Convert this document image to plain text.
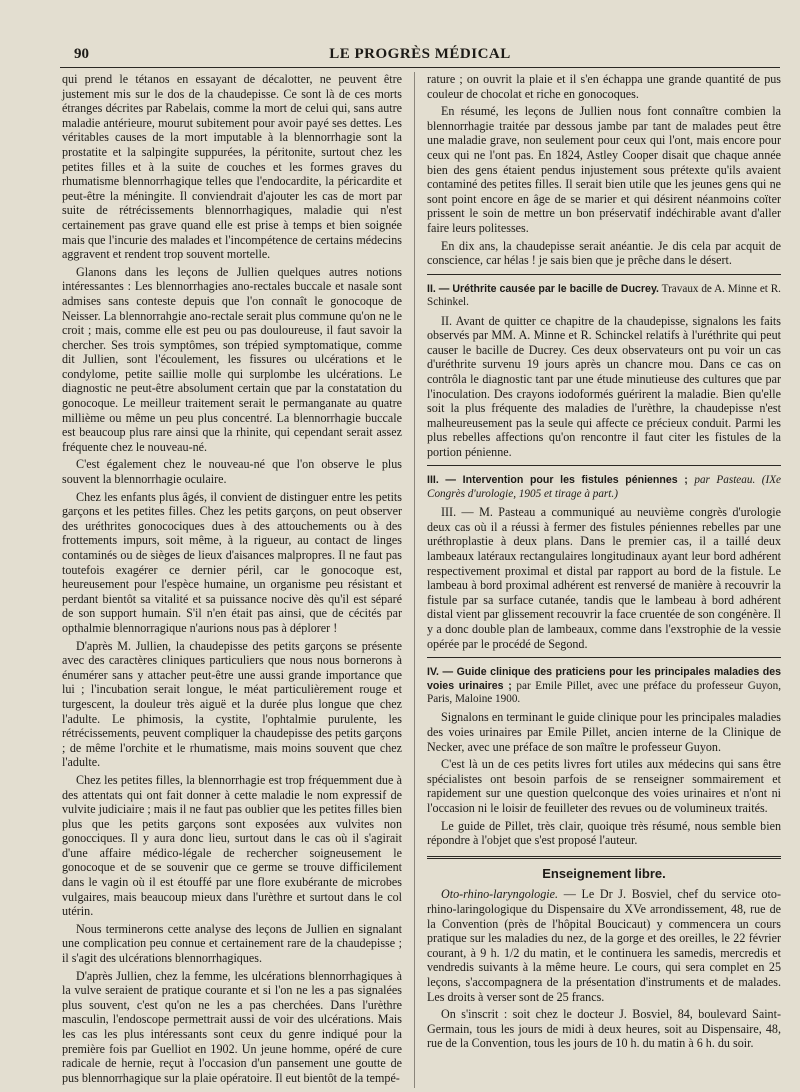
90	LE PROGRÈS MÉDICAL

qui prend le tétanos en essayant de décalotter, ne peuvent être justement mis sur le dos de la chaudepisse. Ce sont là de ces morts étranges décrites par Rabelais, comme la mort de celui qui, sans autre maladie antérieure, mourut subitement pour avoir payé ses dettes. Les véritables causes de la mort imputable à la blennorrhagie sont la prostatite et la salpingite suppurées, la péritonite, surtout chez les petites filles et à la suite de couches et les formes graves du rhumatisme blennorrhagique telles que l'endocardite, la péricardite et peut-être la méningite. Il conviendrait d'ajouter les cas de mort par suite de rétrécissements blennorrhagiques, maladie qui n'est certainement pas grave quand elle est prise à temps et bien soignée mais que l'incurie des malades et l'incompétence de certains médecins aggravent et rendent trop souvent mortelle.

Glanons dans les leçons de Jullien quelques autres notions intéressantes : Les blennorrhagies ano-rectales buccale et nasale sont admises sans conteste depuis que l'on connaît le gonocoque de Neisser. La blennorrahgie ano-rectale serait plus commune qu'on ne le croit ; mais, comme elle est peu ou pas douloureuse, il faut savoir la chercher. Ses trois symptômes, son trépied symptomatique, comme dit Jullien, sont l'écoulement, les fissures ou ulcérations et le condylome, petite saillie molle qui surplombe les ulcérations. Le diagnostic ne peut-être absolument certain que par la constatation du gonocoque. Le meilleur traitement serait le permanganate au quatre millième ou même un peu plus concentré. La blennorrhagie buccale est beaucoup plus rare ainsi que la rhinite, qui cependant serait assez fréquente chez le nouveau-né.

C'est également chez le nouveau-né que l'on observe le plus souvent la blennorrhagie oculaire.

Chez les enfants plus âgés, il convient de distinguer entre les petits garçons et les petites filles. Chez les petits garçons, on peut observer des uréthrites gonocociques dues à des attouchements ou à des frottements impurs, soit même, à la rigueur, au contact de linges contaminés ou de sièges de lieux d'aisances malpropres. Il ne faut pas toutefois exagérer ce dernier péril, car le gonocoque est, heureusement pour l'espèce humaine, un organisme peu résistant et perdant bientôt sa vitalité et sa puissance nocive dès qu'il est séparé de son support humain. S'il n'en était pas ainsi, que de cécités par opthalmie blennorragique n'aurions nous pas à déplorer !

D'après M. Jullien, la chaudepisse des petits garçons se présente avec des caractères cliniques particuliers que nous nous bornerons à énumérer sans y attacher peut-être une aussi grande importance que lui ; l'incubation serait longue, le méat particulièrement rouge et turgescent, la douleur très aiguë et la durée plus longue que chez l'adulte. Le phimosis, la cystite, l'ophtalmie purulente, les rétrécissements, peuvent compliquer la chaudepisse des petits garçons ; de même l'orchite et le rhumatisme, mais moins souvent que chez l'adulte.

Chez les petites filles, la blennorrhagie est trop fréquemment due à des attentats qui ont fait donner à cette maladie le nom expressif de vulvite judiciaire ; mais il ne faut pas oublier que les petites filles bien plus que les petits garçons sont exposées aux vulvites non gonocciques. Il y aura donc lieu, surtout dans le cas où il s'agirait d'une affaire médico-légale de rechercher soigneusement le gonocoque et de se souvenir que ce germe se trouve difficilement dans le vagin où il est étouffé par une flore exubérante de microbes vulgaires, mais beaucoup mieux dans l'urèthre et surtout dans le col utérin.

Nous terminerons cette analyse des leçons de Jullien en signalant une complication peu connue et certainement rare de la chaudepisse ; il s'agit des ulcérations blennorrhagiques.

D'après Jullien, chez la femme, les ulcérations blennorrhagiques à la vulve seraient de pratique courante et si l'on ne les a pas signalées plus souvent, c'est qu'on ne les a pas cherchées. Dans l'urèthre masculin, l'endoscope permettrait aussi de voir des ulcérations. Mais les cas les plus intéressants sont ceux du genre indiqué pour la première fois par Guelliot en 1902. Un jeune homme, opéré de cure radicale de hernie, reçut à l'occasion d'un pansement une goutte de pus blennorrhagique sur la plaie opératoire. Il eut bientôt de la tempé-

rature ; on ouvrit la plaie et il s'en échappa une grande quantité de pus couleur de chocolat et riche en gonocoques.

En résumé, les leçons de Jullien nous font connaître combien la blennorrhagie traitée par dessous jambe par tant de malades peut être une maladie grave, non seulement pour ceux qui l'ont, mais encore pour ceux qui ne l'ont pas. En 1824, Astley Cooper disait que chaque année bien des gens étaient pendus injustement sous prétexte qu'ils avaient contaminé des petites filles. Il serait bien utile que les jeunes gens qui ne sont point encore en âge de se marier et qui désirent néanmoins coïter prissent le soin de mettre un bon préservatif indéchirable avant d'aller faire leurs politesses.

En dix ans, la chaudepisse serait anéantie. Je dis cela par acquit de conscience, car hélas ! je sais bien que je prêche dans le désert.

II. — Uréthrite causée par le bacille de Ducrey. Travaux de A. Minne et R. Schinkel.

II. Avant de quitter ce chapitre de la chaudepisse, signalons les faits observés par MM. A. Minne et R. Schinckel relatifs à l'uréthrite qui peut causer le bacille de Ducrey. Ces deux observateurs ont pu voir un cas d'uréthrite survenu 19 jours après un chancre mou. Dans ce cas on contrôla le diagnostic tant par une étude minutieuse des cultures que par l'inoculation. Des crayons iodoformés guérirent la maladie. Bien qu'elle soit la plus fréquente des maladies de l'urèthre, la chaudepisse n'est malheureusement pas la seule qui affecte ce précieux conduit. Parmi les plus rebelles affections qu'on rencontre il faut citer les fistules de la portion pénienne.

III. — Intervention pour les fistules péniennes ; par Pasteau. (IXe Congrès d'urologie, 1905 et tirage à part.)

III. — M. Pasteau a communiqué au neuvième congrès d'urologie deux cas où il a réussi à fermer des fistules péniennes rebelles par une uréthroplastie à deux plans. Dans le premier cas, il a taillé deux lambeaux latéraux rectangulaires longitudinaux ayant leur bord adhérent respectivement proximal et distal par rapport au bord de la fistule. Le lambeau à bord proximal adhérent est renversé de manière à recouvrir la fistule par sa surface cutanée, tandis que le lambeau à bord adhérent distal vient par glissement recouvrir la face cruentée de son congénère. Il y a donc double plan de lambeaux, comme dans l'exstrophie de la vessie opérée par le procédé de Segond.

IV. — Guide clinique des praticiens pour les principales maladies des voies urinaires ; par Emile Pillet, avec une préface du professeur Guyon, Paris, Maloine 1900.

Signalons en terminant le guide clinique pour les principales maladies des voies urinaires par Emile Pillet, ancien interne de la Clinique de Necker, avec une préface de son maître le professeur Guyon.

C'est là un de ces petits livres fort utiles aux médecins qui sans être spécialistes ont besoin parfois de se renseigner sommairement et rapidement sur une question quelconque des voies urinaires et n'ont ni l'occasion ni le loisir de feuilleter des revues ou de volumineux traités.

Le guide de Pillet, très clair, quoique très résumé, nous semble bien répondre à l'objet que s'est proposé l'auteur.

Enseignement libre.

Oto-rhino-laryngologie. — Le Dr J. Bosviel, chef du service oto-rhino-laringologique du Dispensaire du XVe arrondissement, 48, rue de la Convention (près de l'hôpital Boucicaut) y commencera un cours pratique sur les maladies du nez, de la gorge et des oreilles, le 22 février courant, à 9 h. 1/2 du matin, et le continuera les samedis, mercredis et vendredis suivants à la même heure. Le cours, qui sera complet en 25 leçons, s'accompagnera de la présentation d'instruments et de malades. Les droits à verser sont de 25 francs.

On s'inscrit : soit chez le docteur J. Bosviel, 84, boulevard Saint-Germain, tous les jours de midi à deux heures, soit au Dispensaire, 48, rue de la Convention, tous les jours de 10 h. du matin à 6 h. du soir.
